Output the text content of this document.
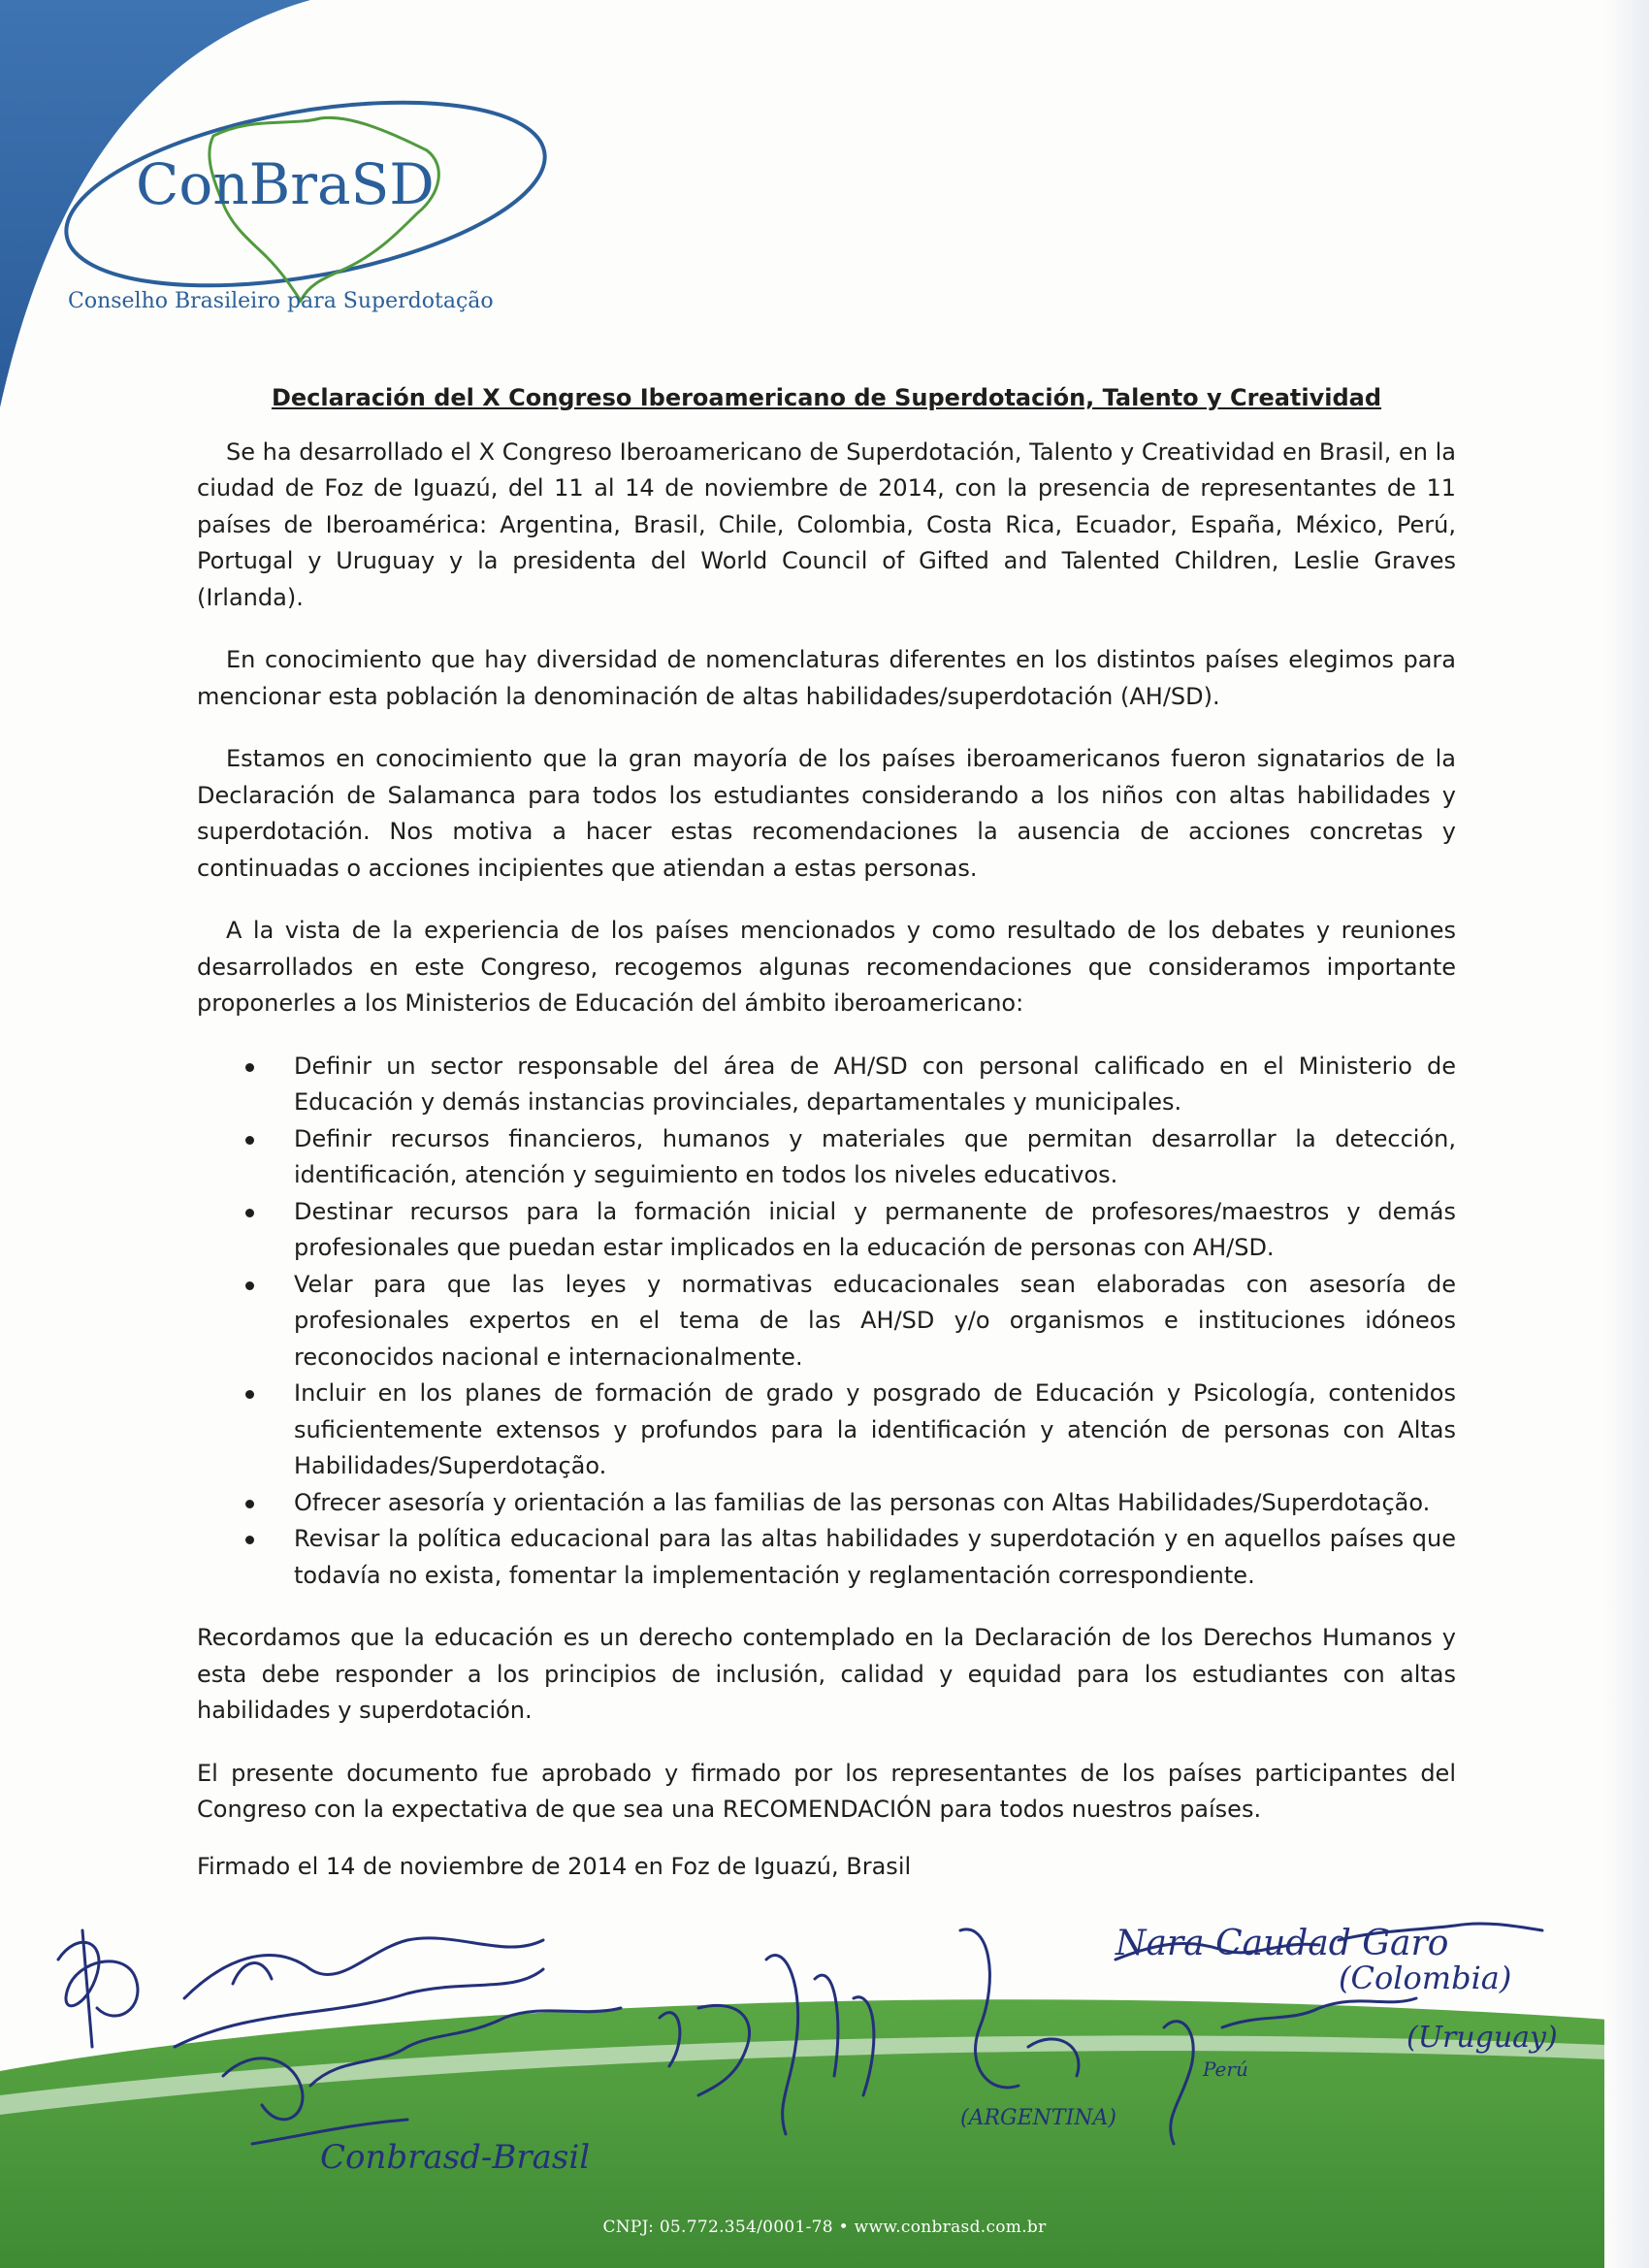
ConBraSD
Conselho Brasileiro para Superdotação
Declaración del X Congreso Iberoamericano de Superdotación, Talento y Creatividad

Se ha desarrollado el X Congreso Iberoamericano de Superdotación, Talento y Creatividad en Brasil, en la ciudad de Foz de Iguazú, del 11 al 14 de noviembre de 2014, con la presencia de representantes de 11 países de Iberoamérica: Argentina, Brasil, Chile, Colombia, Costa Rica, Ecuador, España, México, Perú, Portugal y Uruguay y la presidenta del World Council of Gifted and Talented Children, Leslie Graves (Irlanda).

En conocimiento que hay diversidad de nomenclaturas diferentes en los distintos países elegimos para mencionar esta población la denominación de altas habilidades/superdotación (AH/SD).

Estamos en conocimiento que la gran mayoría de los países iberoamericanos fueron signatarios de la Declaración de Salamanca para todos los estudiantes considerando a los niños con altas habilidades y superdotación. Nos motiva a hacer estas recomendaciones la ausencia de acciones concretas y continuadas o acciones incipientes que atiendan a estas personas.

A la vista de la experiencia de los países mencionados y como resultado de los debates y reuniones desarrollados en este Congreso, recogemos algunas recomendaciones que consideramos importante proponerles a los Ministerios de Educación del ámbito iberoamericano:

Definir un sector responsable del área de AH/SD con personal calificado en el Ministerio de Educación y demás instancias provinciales, departamentales y municipales.
Definir recursos financieros, humanos y materiales que permitan desarrollar la detección, identificación, atención y seguimiento en todos los niveles educativos.
Destinar recursos para la formación inicial y permanente de profesores/maestros y demás profesionales que puedan estar implicados en la educación de personas con AH/SD.
Velar para que las leyes y normativas educacionales sean elaboradas con asesoría de profesionales expertos en el tema de las AH/SD y/o organismos e instituciones idóneos reconocidos nacional e internacionalmente.
Incluir en los planes de formación de grado y posgrado de Educación y Psicología, contenidos suficientemente extensos y profundos para la identificación y atención de personas con Altas Habilidades/Superdotação.
Ofrecer asesoría y orientación a las familias de las personas con Altas Habilidades/Superdotação.
Revisar la política educacional para las altas habilidades y superdotación y en aquellos países que todavía no exista, fomentar la implementación y reglamentación correspondiente.

Recordamos que la educación es un derecho contemplado en la Declaración de los Derechos Humanos y esta debe responder a los principios de inclusión, calidad y equidad para los estudiantes con altas habilidades y superdotación.

El presente documento fue aprobado y firmado por los representantes de los países participantes del Congreso con la expectativa de que sea una RECOMENDACIÓN para todos nuestros países.

Firmado el 14 de noviembre de 2014 en Foz de Iguazú, Brasil

Nara Caudad Garo
(Colombia)
(Uruguay)
(ARGENTINA)
Perú
Conbrasd-Brasil
CNPJ: 05.772.354/0001-78 • www.conbrasd.com.br
